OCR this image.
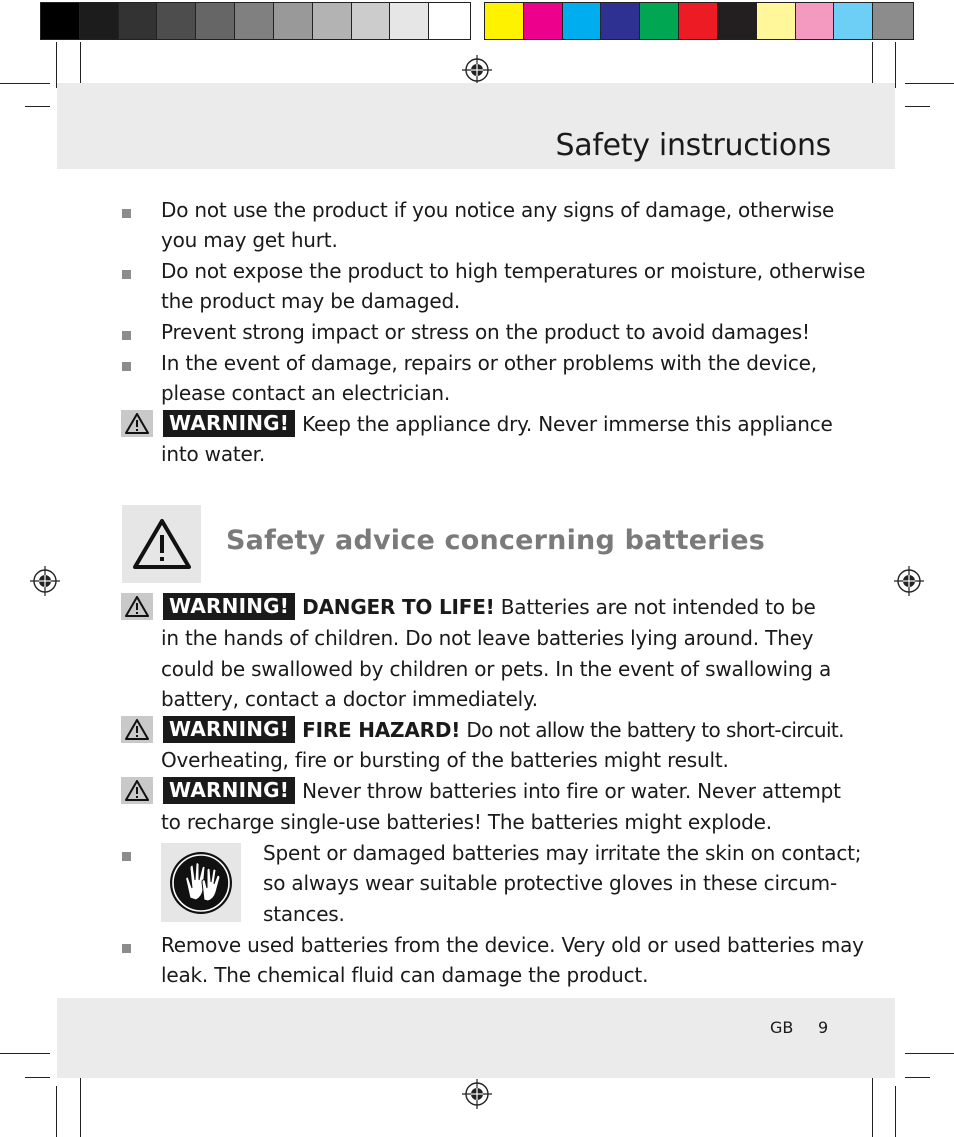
Safety instructions
Do not use the product if you notice any signs of damage, otherwise
you may get hurt.
Do not expose the product to high temperatures or moisture, otherwise
the product may be damaged.
Prevent strong impact or stress on the product to avoid damages!
In the event of damage, repairs or other problems with the device,
please contact an electrician.
WARNING! Keep the appliance dry. Never immerse this appliance
into water.
Safety advice concerning batteries
WARNING! DANGER TO LIFE! Batteries are not intended to be
in the hands of children. Do not leave batteries lying around. They
could be swallowed by children or pets. In the event of swallowing a
battery, contact a doctor immediately.
WARNING! FIRE HAZARD! Do not allow the battery to short-circuit.
Overheating, fire or bursting of the batteries might result.
WARNING! Never throw batteries into fire or water. Never attempt
to recharge single-use batteries! The batteries might explode.
Spent or damaged batteries may irritate the skin on contact;
so always wear suitable protective gloves in these circum-
stances.
Remove used batteries from the device. Very old or used batteries may
leak. The chemical fluid can damage the product.
GB 9
